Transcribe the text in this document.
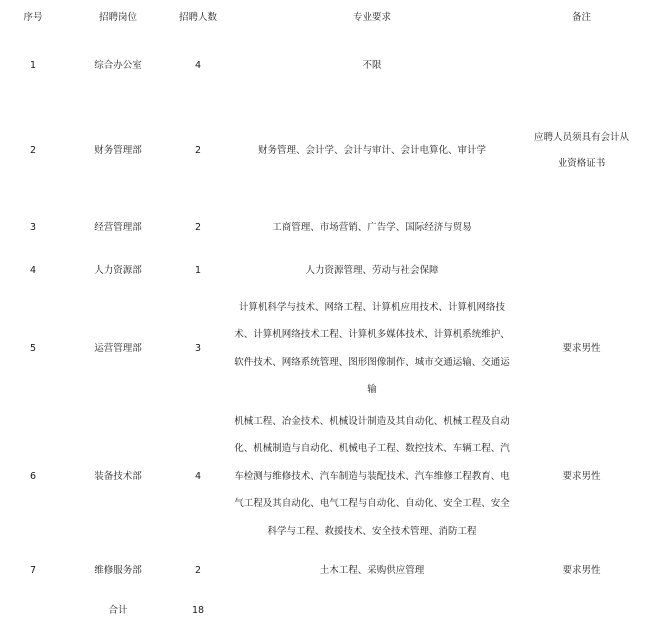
序号	招聘岗位	招聘人数	专业要求	备注
1	综合办公室	4	不限	
2	财务管理部	2	财务管理、会计学、会计与审计、会计电算化、审计学	应聘人员须具有会计从业资格证书
3	经营管理部	2	工商管理、市场营销、广告学、国际经济与贸易	
4	人力资源部	1	人力资源管理、劳动与社会保障	
5	运营管理部	3	计算机科学与技术、网络工程、计算机应用技术、计算机网络技术、计算机网络技术工程、计算机多媒体技术、计算机系统维护、软件技术、网络系统管理、图形图像制作、城市交通运输、交通运输	要求男性
6	装备技术部	4	机械工程、冶金技术、机械设计制造及其自动化、机械工程及自动化、机械制造与自动化、机械电子工程、数控技术、车辆工程、汽车检测与维修技术、汽车制造与装配技术、汽车维修工程教育、电气工程及其自动化、电气工程与自动化、自动化、安全工程、安全科学与工程、救援技术、安全技术管理、消防工程	要求男性
7	维修服务部	2	土木工程、采购供应管理	要求男性
	合计	18		
